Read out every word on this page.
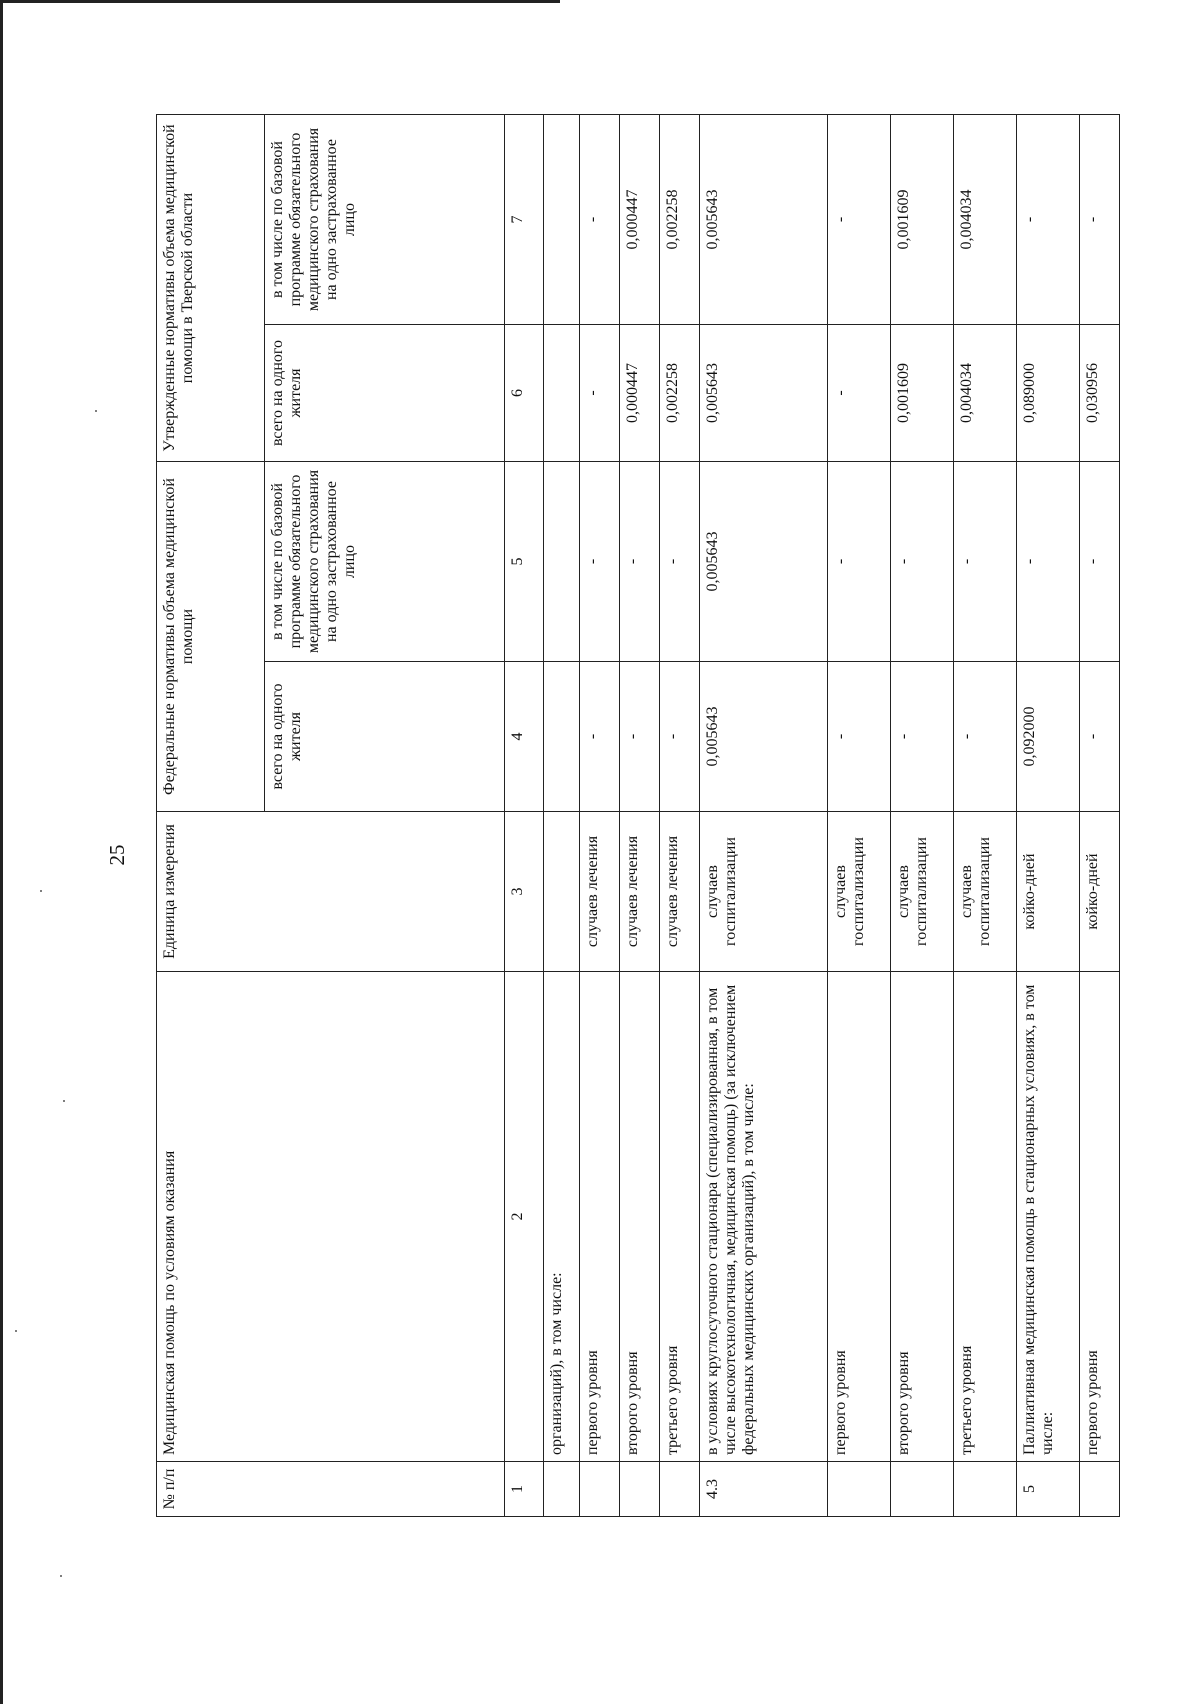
25
№ п/п	Медицинская помощь по условиям оказания	Единица измерения	Федеральные нормативы объема медицинской помощи		Утвержденные нормативы объема медицинской помощи в Тверской области	
			всего на одного жителя	в том числе по базовой программе обязательного медицинского страхования на одно застрахованное лицо	всего на одного жителя	в том числе по базовой программе обязательного медицинского страхования на одно застрахованное лицо
1	2	3	4	5	6	7
	организаций), в том числе:					
	первого уровня	случаев лечения	-	-	-	-
	второго уровня	случаев лечения	-	-	0,000447	0,000447
	третьего уровня	случаев лечения	-	-	0,002258	0,002258
4.3	в условиях круглосуточного стационара (специализированная, в том числе высокотехнологичная, медицинская помощь) (за исключением федеральных медицинских организаций), в том числе:	случаев госпитализации	0,005643	0,005643	0,005643	0,005643
	первого уровня	случаев госпитализации	-	-	-	-
	второго уровня	случаев госпитализации	-	-	0,001609	0,001609
	третьего уровня	случаев госпитализации	-	-	0,004034	0,004034
5	Паллиативная медицинская помощь в стационарных условиях, в том числе:	койко-дней	0,092000	-	0,089000	-
	первого уровня	койко-дней	-	-	0,030956	-
